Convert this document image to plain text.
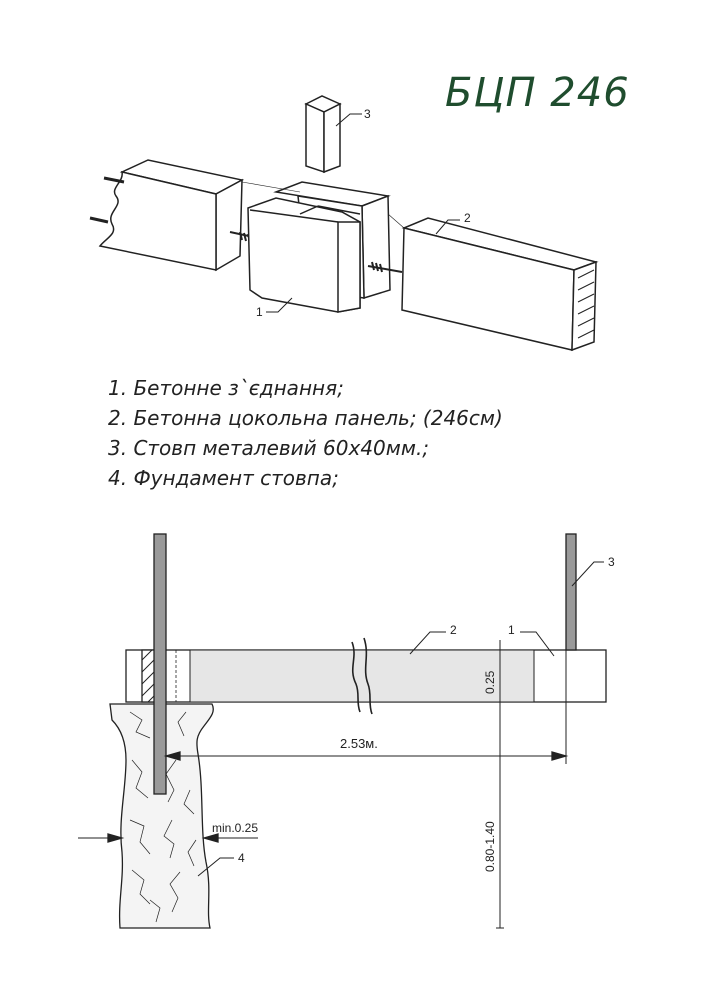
БЦП 246
3
2
1
2.53м.
0.25
0.80-1.40
min.0.25
3
2	1
4
1. Бетонне з`єднання;
2. Бетонна цокольна панель; (246см)
3. Стовп металевий 60х40мм.;
4. Фундамент стовпа;
